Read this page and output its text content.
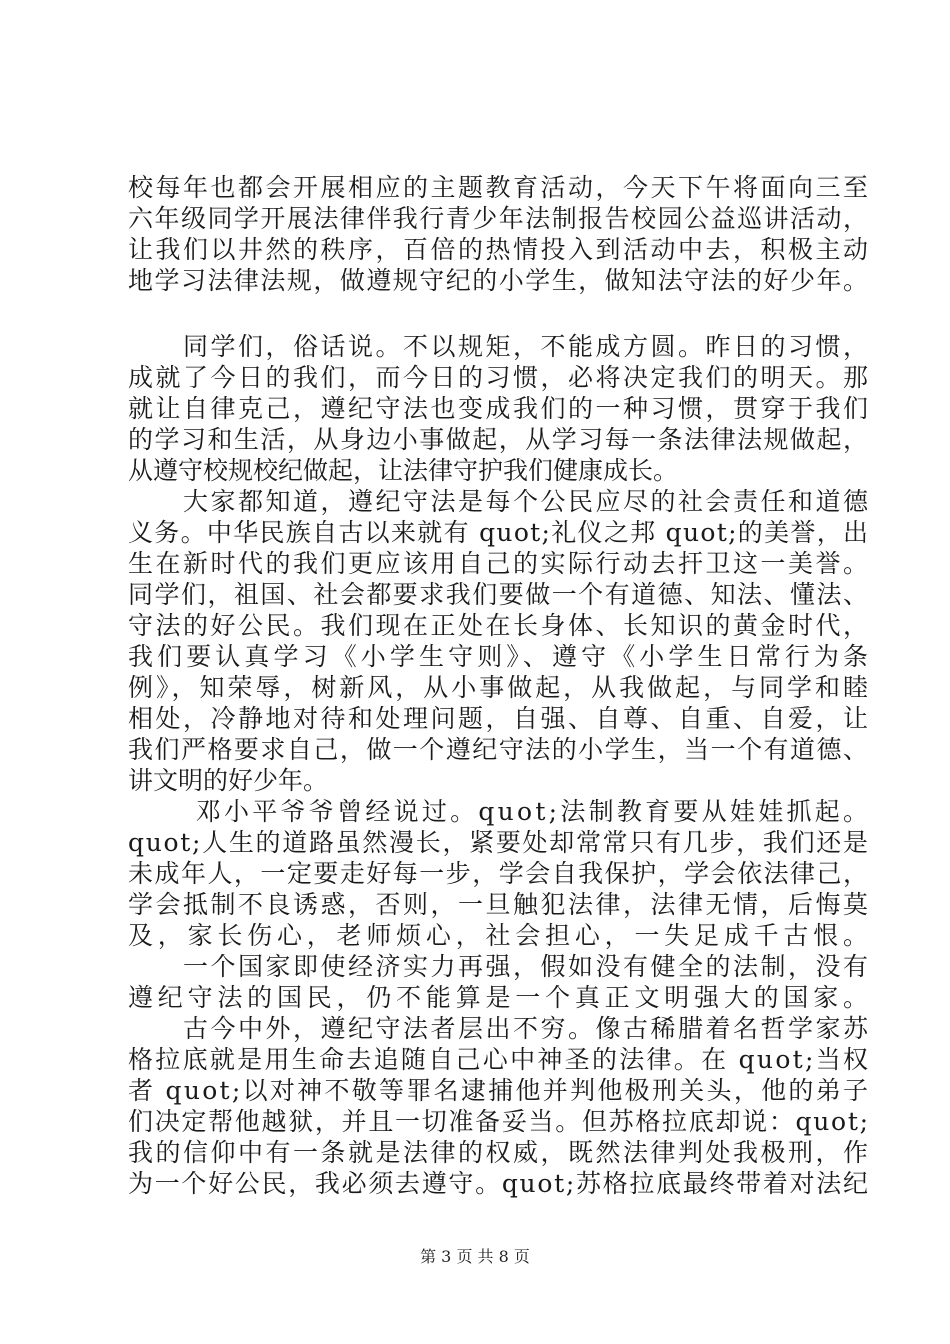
校每年也都会开展相应的主题教育活动，今天下午将面向三至
六年级同学开展法律伴我行青少年法制报告校园公益巡讲活动，
让我们以井然的秩序，百倍的热情投入到活动中去，积极主动
地学习法律法规，做遵规守纪的小学生，做知法守法的好少年。
　　同学们，俗话说。不以规矩，不能成方圆。昨日的习惯，
成就了今日的我们，而今日的习惯，必将决定我们的明天。那
就让自律克己，遵纪守法也变成我们的一种习惯，贯穿于我们
的学习和生活，从身边小事做起，从学习每一条法律法规做起，
从遵守校规校纪做起，让法律守护我们健康成长。
　　大家都知道，遵纪守法是每个公民应尽的社会责任和道德
义务。中华民族自古以来就有 quot;礼仪之邦 quot;的美誉，出
生在新时代的我们更应该用自己的实际行动去扞卫这一美誉。
同学们，祖国、社会都要求我们要做一个有道德、知法、懂法、
守法的好公民。我们现在正处在长身体、长知识的黄金时代，
我们要认真学习《小学生守则》、遵守《小学生日常行为条
例》，知荣辱，树新风，从小事做起，从我做起，与同学和睦
相处，冷静地对待和处理问题，自强、自尊、自重、自爱，让
我们严格要求自己，做一个遵纪守法的小学生，当一个有道德、
讲文明的好少年。
　　 邓小平爷爷曾经说过。quot;法制教育要从娃娃抓起。
quot;人生的道路虽然漫长，紧要处却常常只有几步，我们还是
未成年人，一定要走好每一步，学会自我保护，学会依法律己，
学会抵制不良诱惑，否则，一旦触犯法律，法律无情，后悔莫
及，家长伤心，老师烦心，社会担心，一失足成千古恨。
　　一个国家即使经济实力再强，假如没有健全的法制，没有
遵纪守法的国民，仍不能算是一个真正文明强大的国家。
　　古今中外，遵纪守法者层出不穷。像古稀腊着名哲学家苏
格拉底就是用生命去追随自己心中神圣的法律。在 quot;当权
者 quot;以对神不敬等罪名逮捕他并判他极刑关头，他的弟子
们决定帮他越狱，并且一切准备妥当。但苏格拉底却说：quot;
我的信仰中有一条就是法律的权威，既然法律判处我极刑，作
为一个好公民，我必须去遵守。quot;苏格拉底最终带着对法纪
第 3 页 共 8 页
